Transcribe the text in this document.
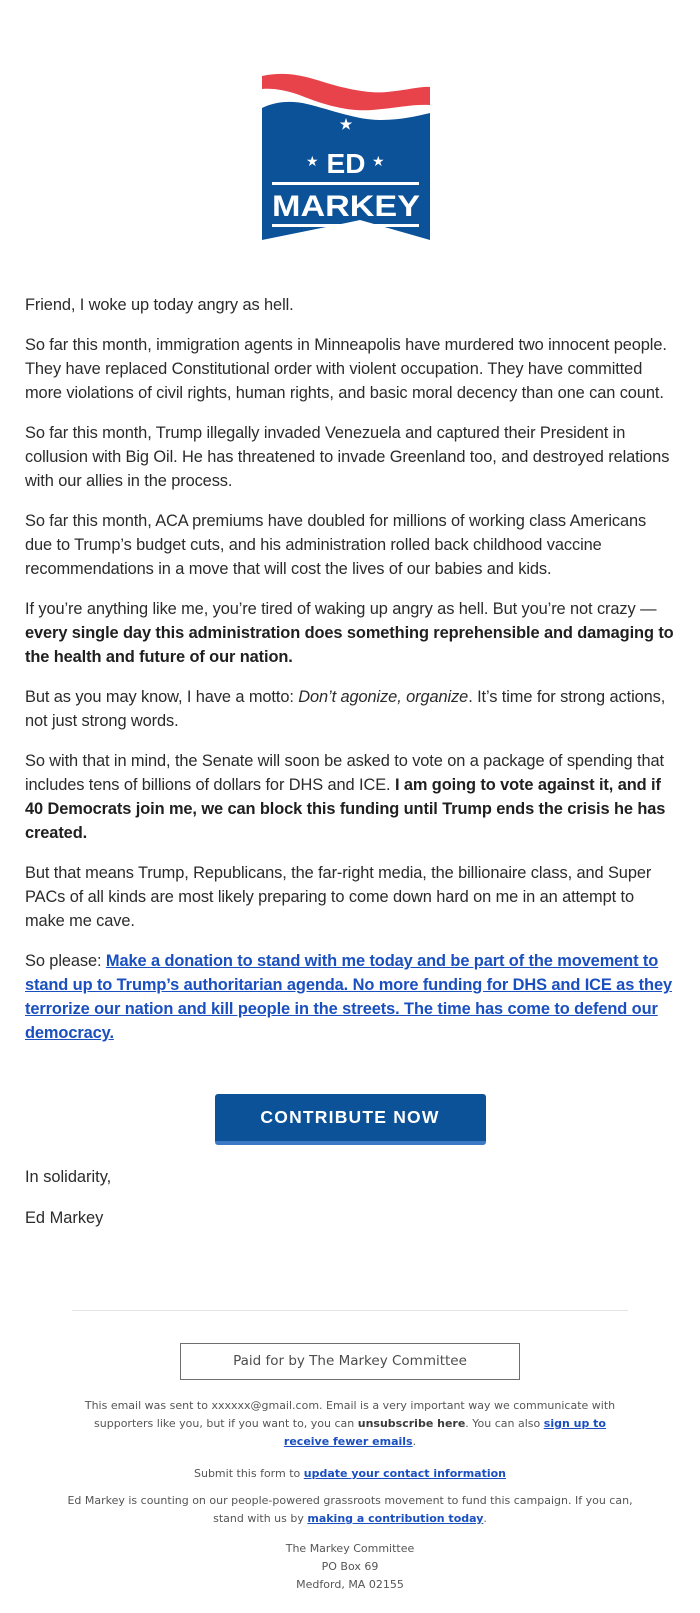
★
★ ED ★
MARKEY

Friend, I woke up today angry as hell.

So far this month, immigration agents in Minneapolis have murdered two innocent people. They have replaced Constitutional order with violent occupation. They have committed more violations of civil rights, human rights, and basic moral decency than one can count.

So far this month, Trump illegally invaded Venezuela and captured their President in collusion with Big Oil. He has threatened to invade Greenland too, and destroyed relations with our allies in the process.

So far this month, ACA premiums have doubled for millions of working class Americans due to Trump’s budget cuts, and his administration rolled back childhood vaccine recommendations in a move that will cost the lives of our babies and kids.

If you’re anything like me, you’re tired of waking up angry as hell. But you’re not crazy — every single day this administration does something reprehensible and damaging to the health and future of our nation.

But as you may know, I have a motto: Don’t agonize, organize. It’s time for strong actions, not just strong words.

So with that in mind, the Senate will soon be asked to vote on a package of spending that includes tens of billions of dollars for DHS and ICE. I am going to vote against it, and if 40 Democrats join me, we can block this funding until Trump ends the crisis he has created.

But that means Trump, Republicans, the far-right media, the billionaire class, and Super PACs of all kinds are most likely preparing to come down hard on me in an attempt to make me cave.

So please: Make a donation to stand with me today and be part of the movement to stand up to Trump’s authoritarian agenda. No more funding for DHS and ICE as they terrorize our nation and kill people in the streets. The time has come to defend our democracy.

CONTRIBUTE NOW

In solidarity,

Ed Markey

Paid for by The Markey Committee

This email was sent to xxxxxx@gmail.com. Email is a very important way we communicate with supporters like you, but if you want to, you can unsubscribe here. You can also sign up to receive fewer emails.

Submit this form to update your contact information

Ed Markey is counting on our people-powered grassroots movement to fund this campaign. If you can, stand with us by making a contribution today.

The Markey Committee
PO Box 69
Medford, MA 02155
